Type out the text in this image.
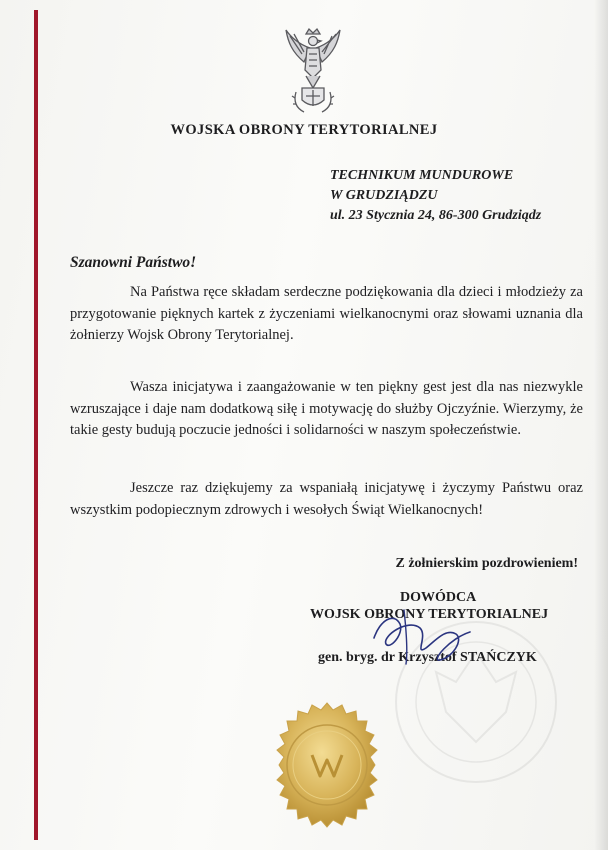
WOJSKA OBRONY TERYTORIALNEJ
TECHNIKUM MUNDUROWE
W GRUDZIĄDZU
ul. 23 Stycznia 24, 86-300 Grudziądz
Szanowni Państwo!

Na Państwa ręce składam serdeczne podziękowania dla dzieci i młodzieży za przygotowanie pięknych kartek z życzeniami wielkanocnymi oraz słowami uznania dla żołnierzy Wojsk Obrony Terytorialnej.

Wasza inicjatywa i zaangażowanie w ten piękny gest jest dla nas niezwykle wzruszające i daje nam dodatkową siłę i motywację do służby Ojczyźnie. Wierzymy, że takie gesty budują poczucie jedności i solidarności w naszym społeczeństwie.

Jeszcze raz dziękujemy za wspaniałą inicjatywę i życzymy Państwu oraz wszystkim podopiecznym zdrowych i wesołych Świąt Wielkanocnych!

Z żołnierskim pozdrowieniem!
DOWÓDCA
WOJSK OBRONY TERYTORIALNEJ
gen. bryg. dr Krzysztof STAŃCZYK
